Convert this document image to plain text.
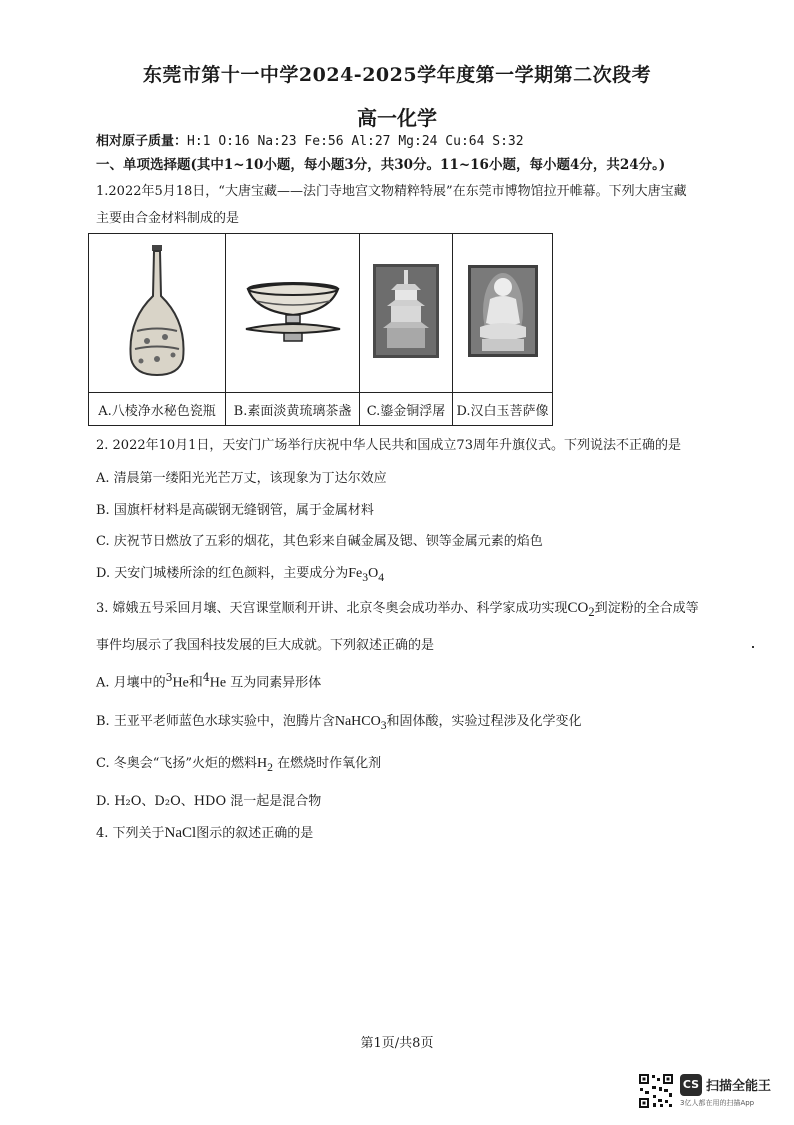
东莞市第十一中学2024-2025学年度第一学期第二次段考
高一化学
相对原子质量：H:1 O:16 Na:23 Fe:56 Al:27 Mg:24 Cu:64 S:32
一、单项选择题(其中1~10小题，每小题3分，共30分。11~16小题，每小题4分，共24分。)
1.2022年5月18日，“大唐宝藏——法门寺地宫文物精粹特展”在东莞市博物馆拉开帷幕。下列大唐宝藏
主要由合金材料制成的是

A.八棱净水秘色瓷瓶	B.素面淡黄琉璃茶盏	C.鎏金铜浮屠	D.汉白玉菩萨像
2. 2022年10月1日，天安门广场举行庆祝中华人民共和国成立73周年升旗仪式。下列说法不正确的是
A. 清晨第一缕阳光光芒万丈，该现象为丁达尔效应
B. 国旗杆材料是高碳钢无缝钢管，属于金属材料
C. 庆祝节日燃放了五彩的烟花，其色彩来自碱金属及锶、钡等金属元素的焰色
D. 天安门城楼所涂的红色颜料，主要成分为$Fe_3O_4$
3. 嫦娥五号采回月壤、天宫课堂顺利开讲、北京冬奥会成功举办、科学家成功实现$CO_2$到淀粉的全合成等
事件均展示了我国科技发展的巨大成就。下列叙述正确的是
A. 月壤中的$^3$He和$^4$He 互为同素异形体
B. 王亚平老师蓝色水球实验中，泡腾片含NaHCO$_3$和固体酸，实验过程涉及化学变化
C. 冬奥会“飞扬”火炬的燃料$H_2$ 在燃烧时作氧化剂
D. H₂O、D₂O、HDO 混一起是混合物
4. 下列关于NaCl图示的叙述正确的是
第1页/共8页
CS 扫描全能王
3亿人都在用的扫描App
